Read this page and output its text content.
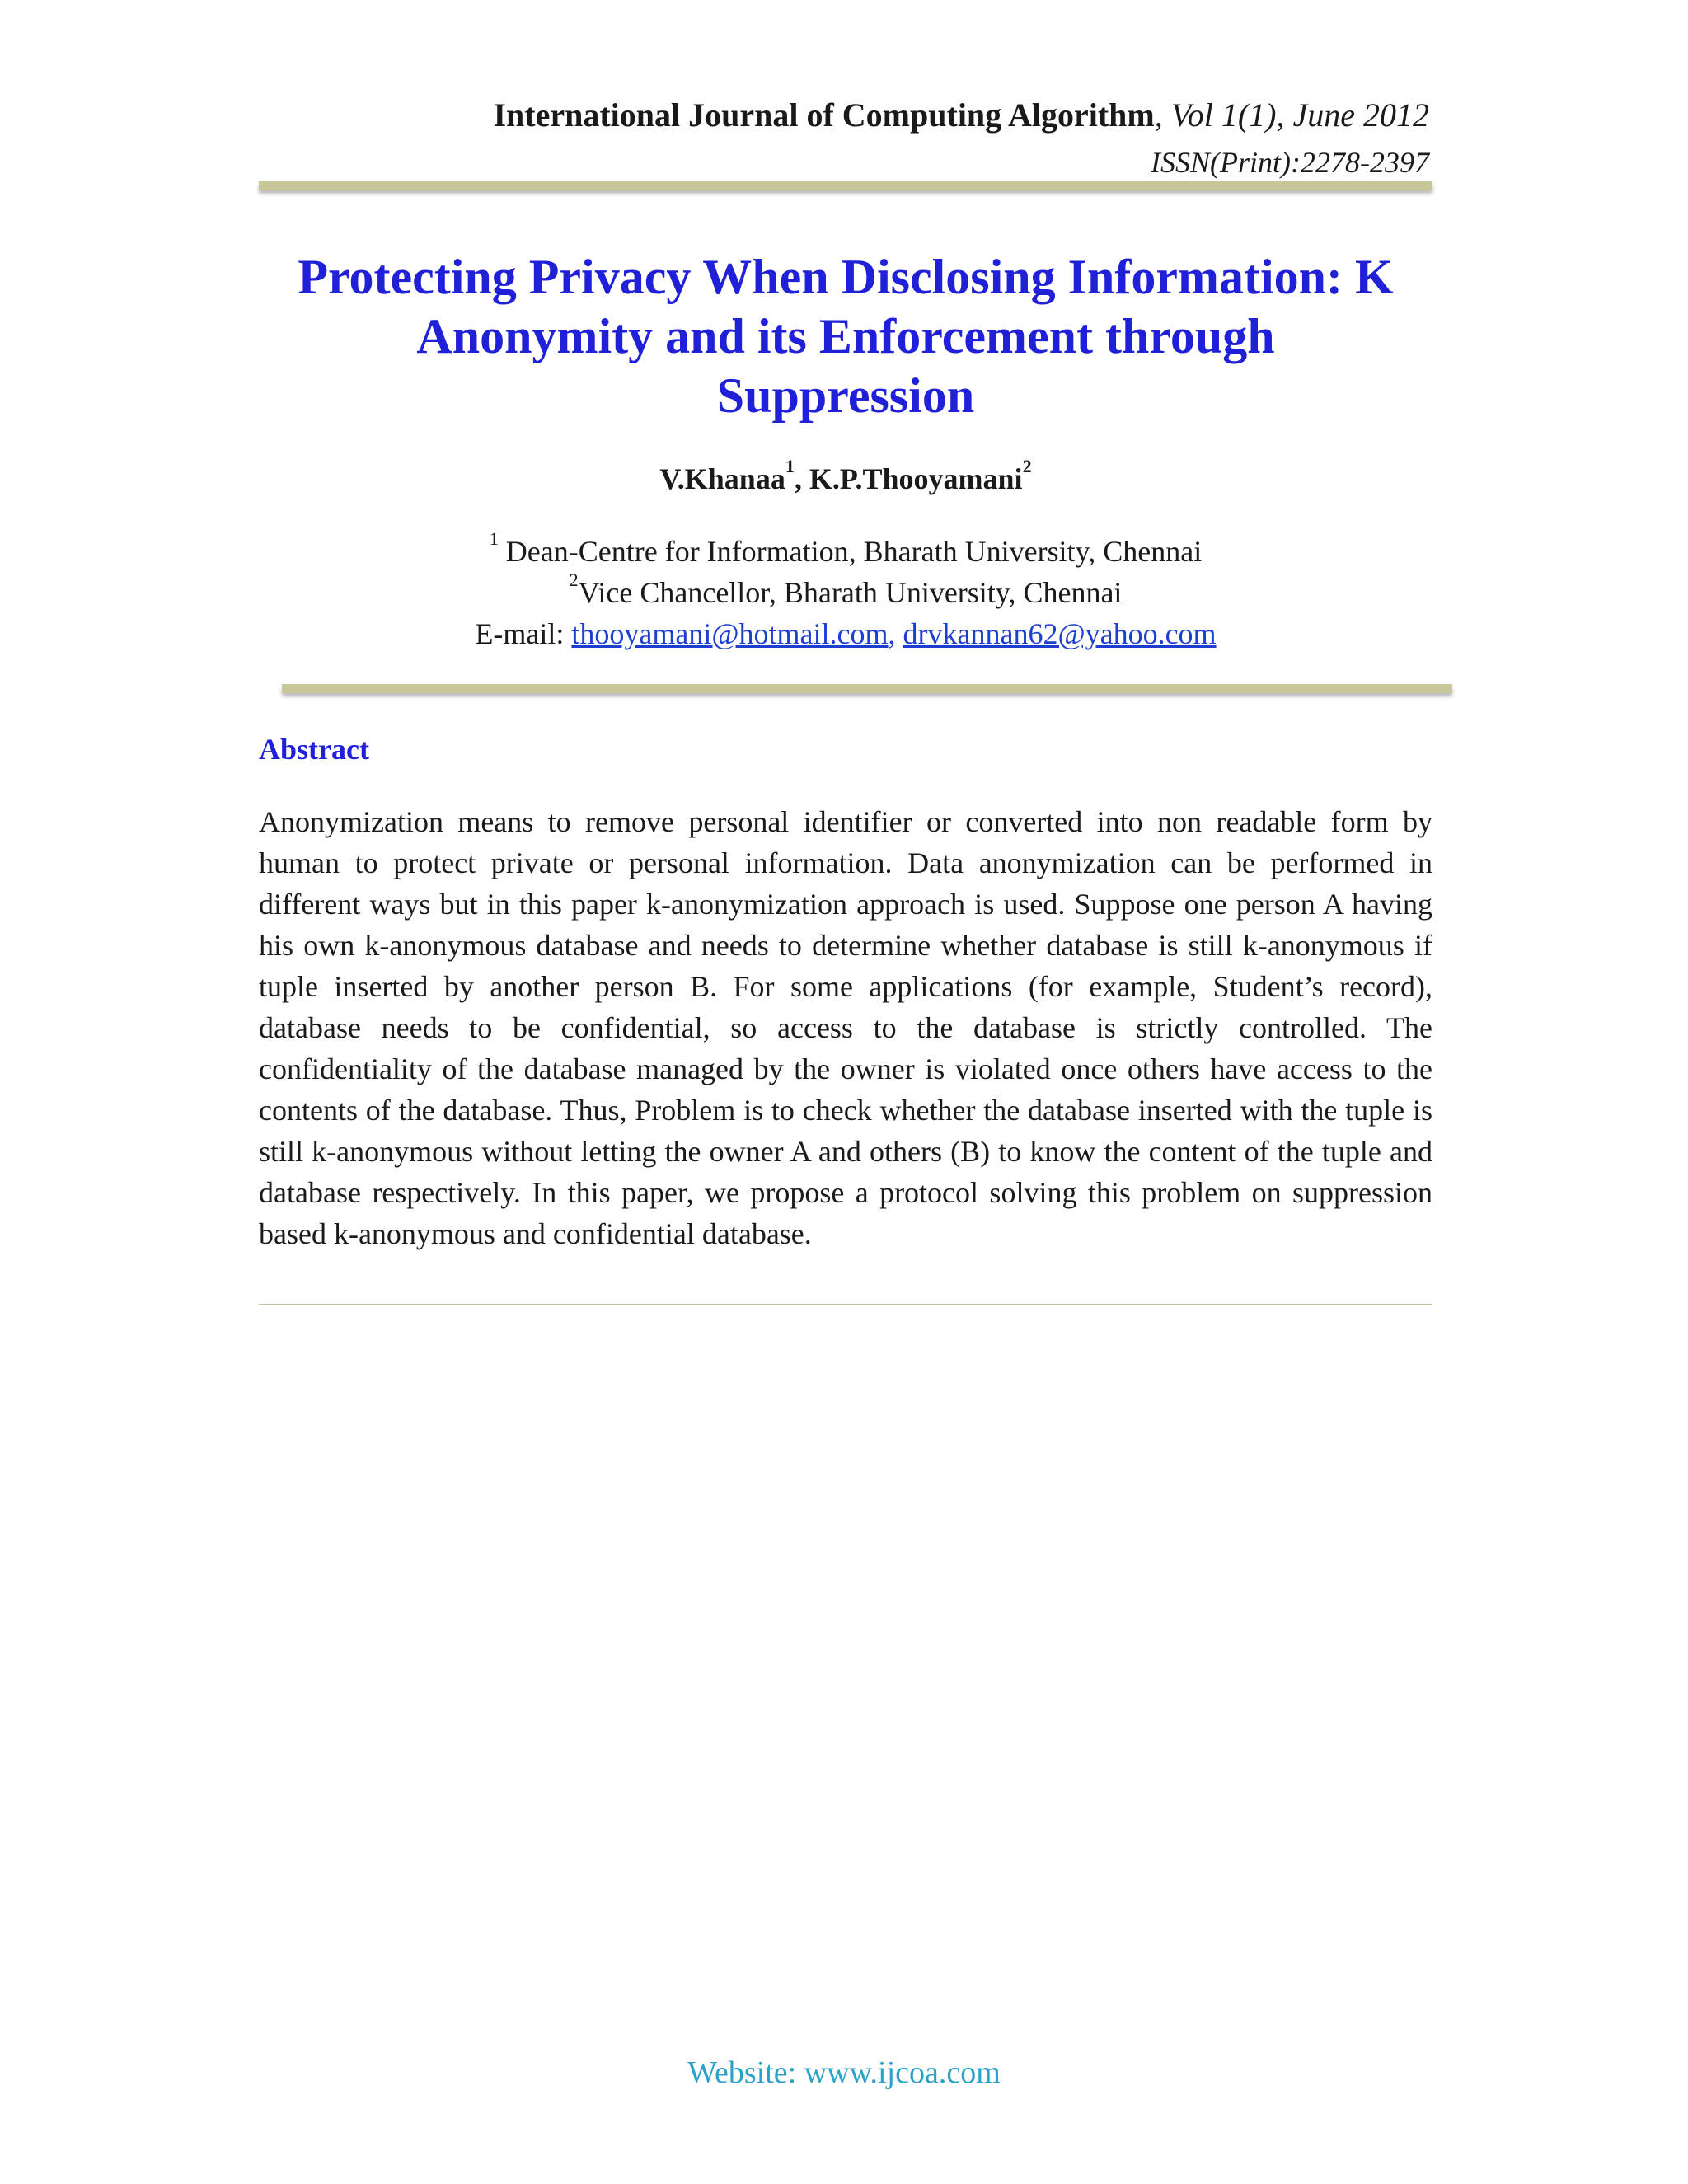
International Journal of Computing Algorithm, Vol 1(1), June 2012
ISSN(Print):2278-2397
Protecting Privacy When Disclosing Information: K
Anonymity and its Enforcement through
Suppression
V.Khanaa$^1$, K.P.Thooyamani$^2$
$^1$ Dean-Centre for Information, Bharath University, Chennai
$^2$Vice Chancellor, Bharath University, Chennai
E-mail: thooyamani@hotmail.com, drvkannan62@yahoo.com
Abstract
Anonymization means to remove personal identifier or converted into non readable form by human to protect private or personal information. Data anonymization can be performed in different ways but in this paper k-anonymization approach is used. Suppose one person A having his own k-anonymous database and needs to determine whether database is still k-anonymous if tuple inserted by another person B. For some applications (for example, Student’s record), database needs to be confidential, so access to the database is strictly controlled. The confidentiality of the database managed by the owner is violated once others have access to the contents of the database. Thus, Problem is to check whether the database inserted with the tuple is still k-anonymous without letting the owner A and others (B) to know the content of the tuple and database respectively. In this paper, we propose a protocol solving this problem on suppression based k-anonymous and confidential database.
Website: www.ijcoa.com
